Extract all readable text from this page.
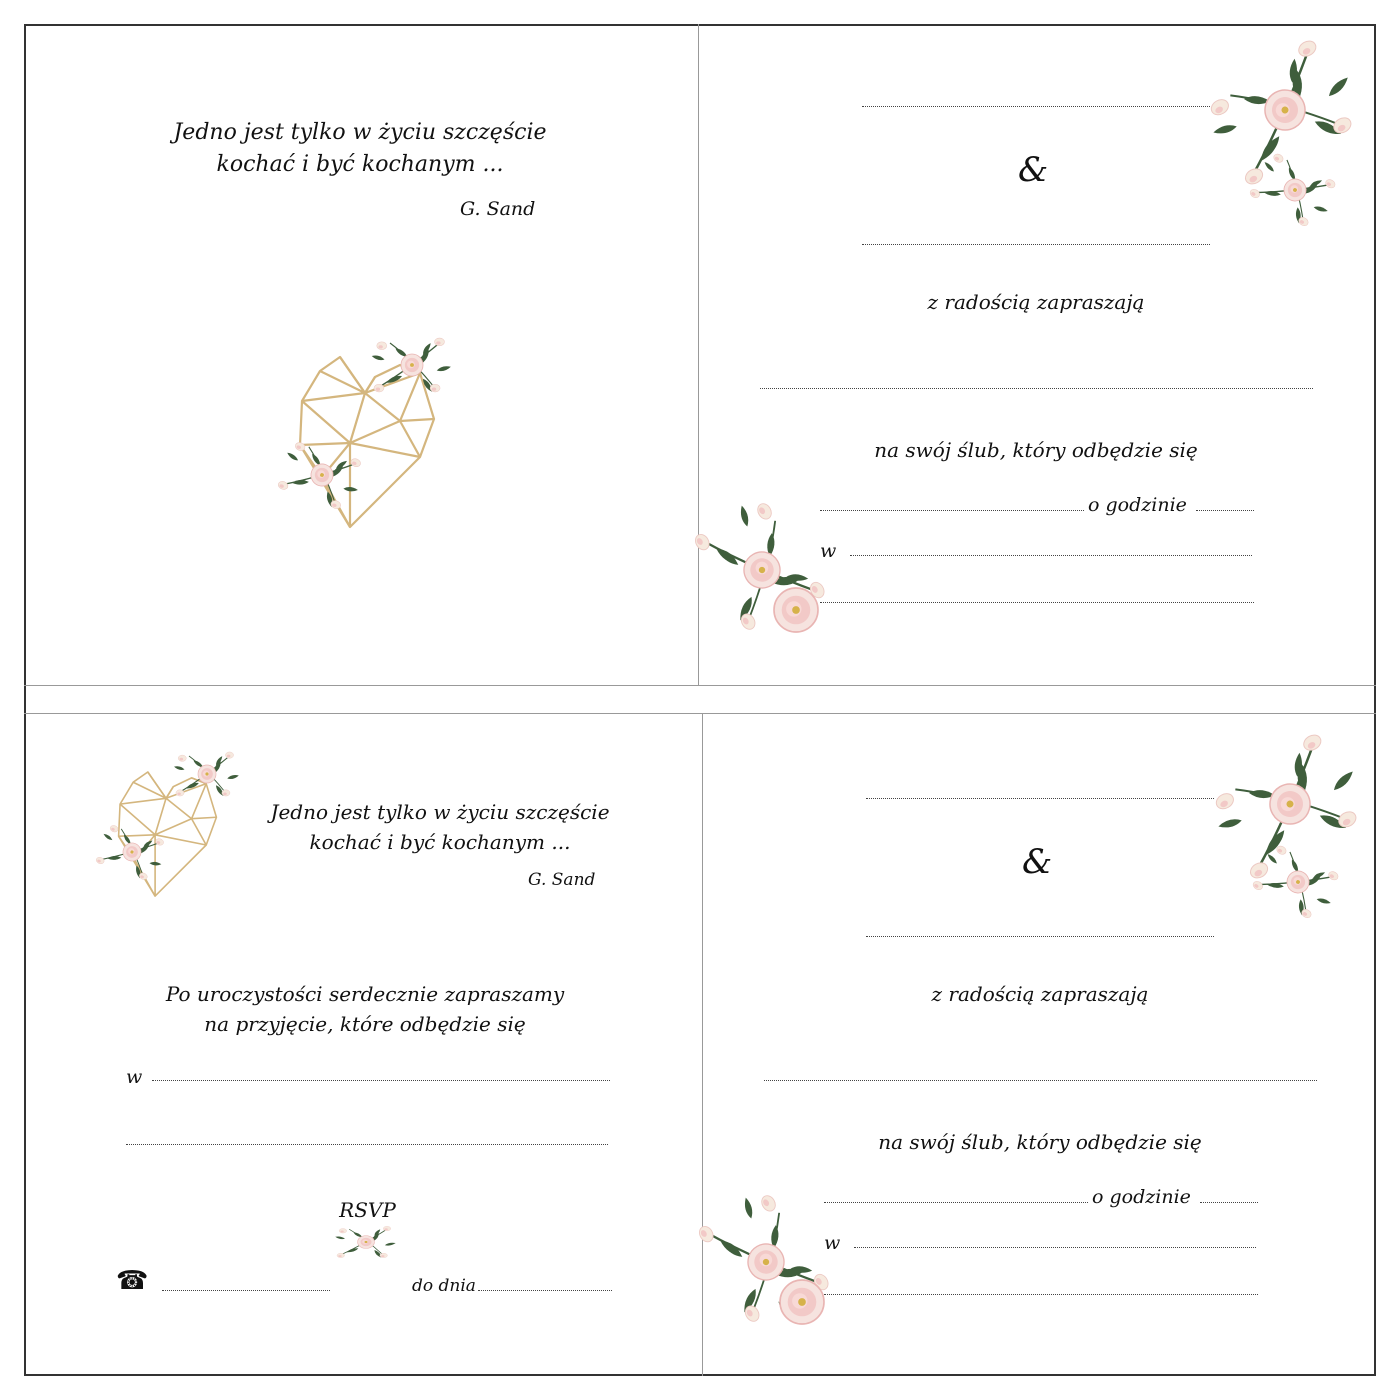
Jedno jest tylko w życiu szczęście
kochać i być kochanym ...
G. Sand
&
z radością zapraszają
na swój ślub, który odbędzie się
o godzinie
w
Jedno jest tylko w życiu szczęście
kochać i być kochanym ...
G. Sand
Po uroczystości serdecznie zapraszamy
na przyjęcie, które odbędzie się
w
RSVP
☎	do dnia
&
z radością zapraszają
na swój ślub, który odbędzie się
o godzinie
w
